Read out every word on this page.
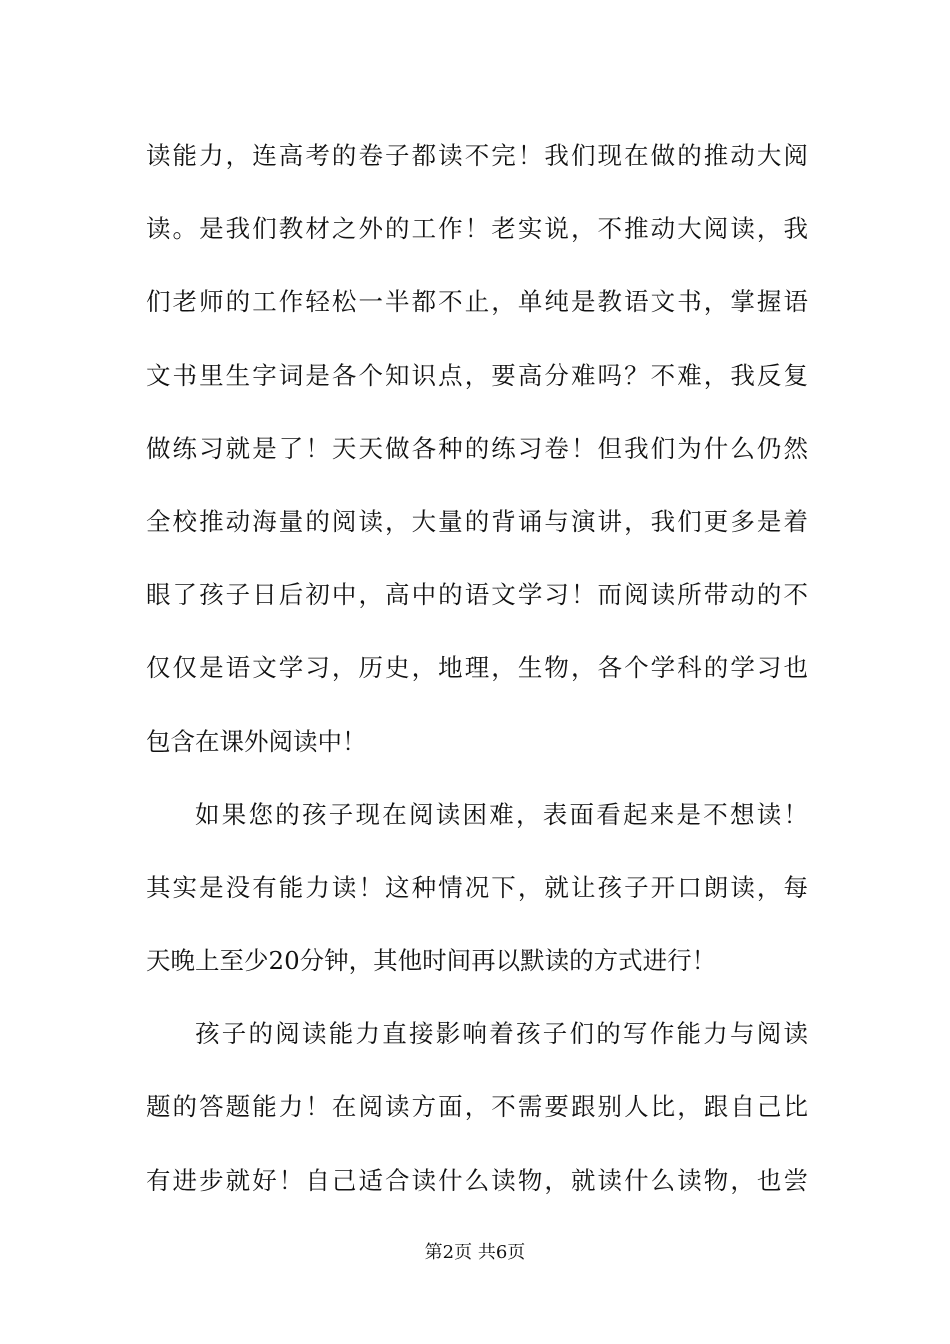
读能力，连高考的卷子都读不完！我们现在做的推动大阅
读。是我们教材之外的工作！老实说，不推动大阅读，我
们老师的工作轻松一半都不止，单纯是教语文书，掌握语
文书里生字词是各个知识点，要高分难吗？不难，我反复
做练习就是了！天天做各种的练习卷！但我们为什么仍然
全校推动海量的阅读，大量的背诵与演讲，我们更多是着
眼了孩子日后初中，高中的语文学习！而阅读所带动的不
仅仅是语文学习，历史，地理，生物，各个学科的学习也
包含在课外阅读中！
如果您的孩子现在阅读困难，表面看起来是不想读！
其实是没有能力读！这种情况下，就让孩子开口朗读，每
天晚上至少20分钟，其他时间再以默读的方式进行！
孩子的阅读能力直接影响着孩子们的写作能力与阅读
题的答题能力！在阅读方面，不需要跟别人比，跟自己比
有进步就好！自己适合读什么读物，就读什么读物，也尝
第2页 共6页
